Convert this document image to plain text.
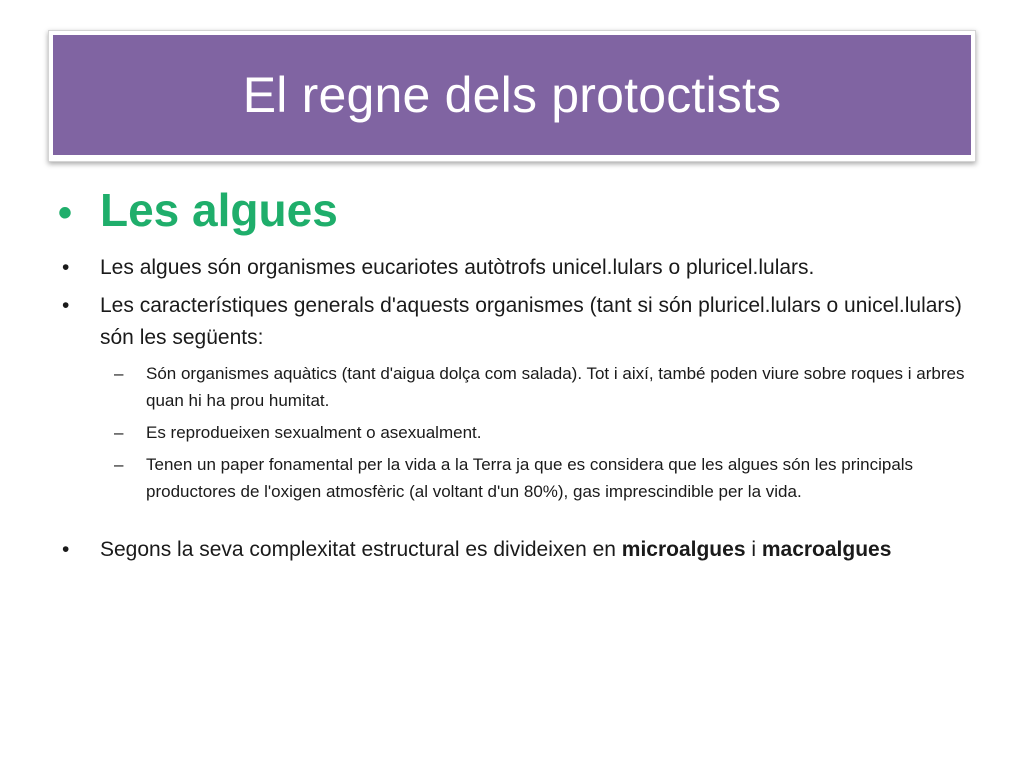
El regne dels protoctists
• Les algues
•	Les algues són organismes eucariotes autòtrofs unicel.lulars o pluricel.lulars.
•	Les característiques generals d'aquests organismes (tant si són pluricel.lulars o unicel.lulars) són les següents:
–	Són organismes aquàtics (tant d'aigua dolça com salada). Tot i així, també poden viure sobre roques i arbres quan hi ha prou humitat.
–	Es reprodueixen sexualment o asexualment.
–	Tenen un paper fonamental per la vida a la Terra ja que es considera que les algues són les principals productores de l'oxigen atmosfèric (al voltant d'un 80%), gas imprescindible per la vida.
•	Segons la seva complexitat estructural es divideixen en microalgues i macroalgues
